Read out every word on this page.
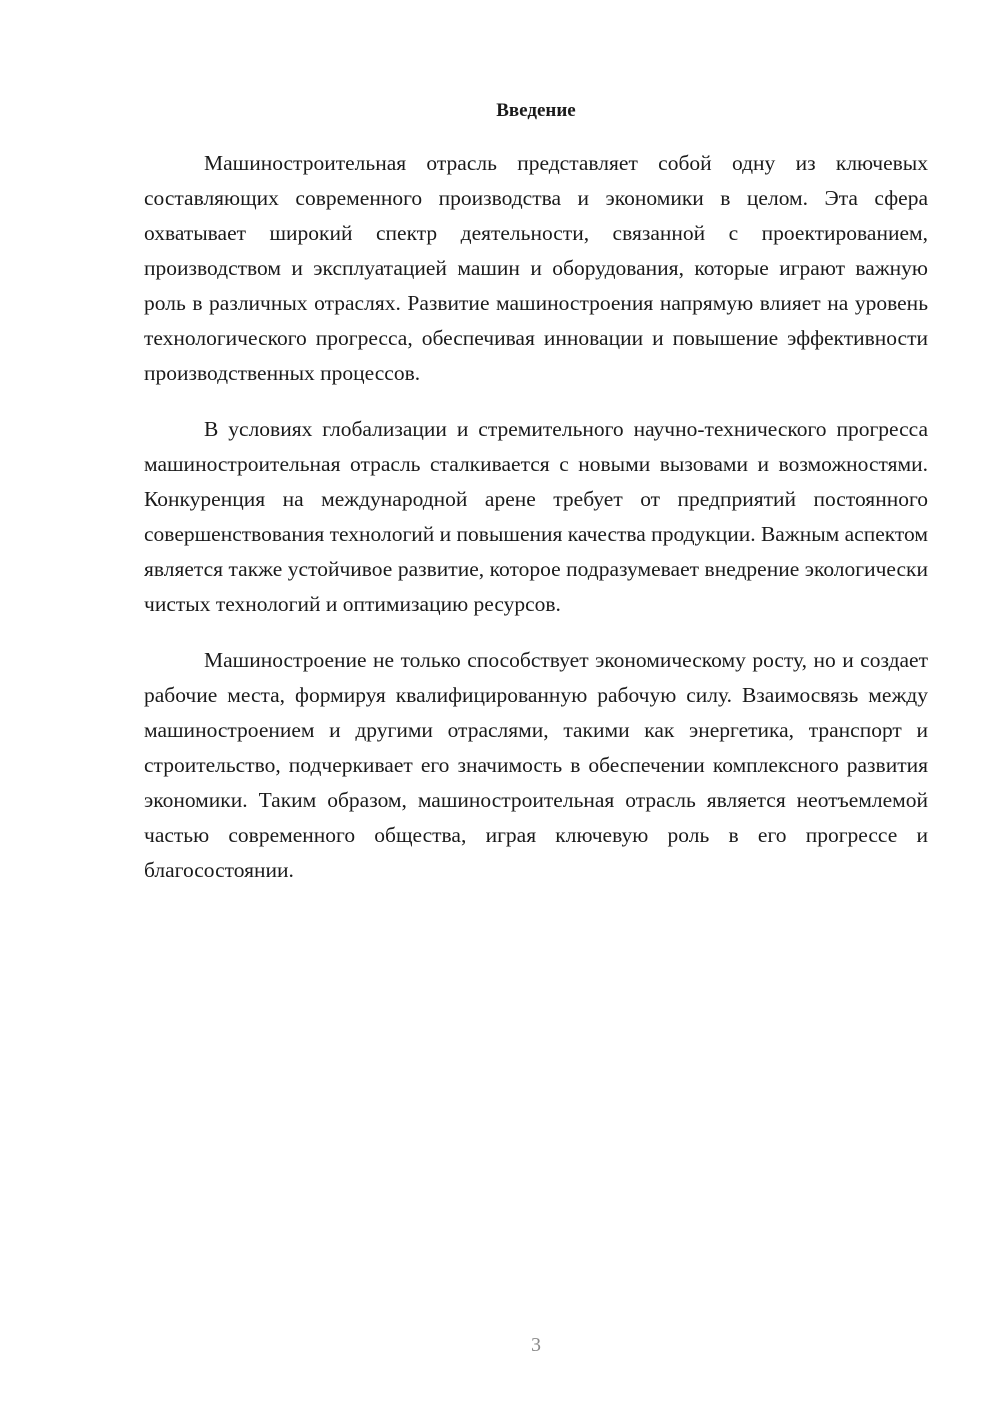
Введение

Машиностроительная отрасль представляет собой одну из ключевых составляющих современного производства и экономики в целом. Эта сфера охватывает широкий спектр деятельности, связанной с проектированием, производством и эксплуатацией машин и оборудования, которые играют важную роль в различных отраслях. Развитие машиностроения напрямую влияет на уровень технологического прогресса, обеспечивая инновации и повышение эффективности производственных процессов.

В условиях глобализации и стремительного научно-технического прогресса машиностроительная отрасль сталкивается с новыми вызовами и возможностями. Конкуренция на международной арене требует от предприятий постоянного совершенствования технологий и повышения качества продукции. Важным аспектом является также устойчивое развитие, которое подразумевает внедрение экологически чистых технологий и оптимизацию ресурсов.

Машиностроение не только способствует экономическому росту, но и создает рабочие места, формируя квалифицированную рабочую силу. Взаимосвязь между машиностроением и другими отраслями, такими как энергетика, транспорт и строительство, подчеркивает его значимость в обеспечении комплексного развития экономики. Таким образом, машиностроительная отрасль является неотъемлемой частью современного общества, играя ключевую роль в его прогрессе и благосостоянии.

3
